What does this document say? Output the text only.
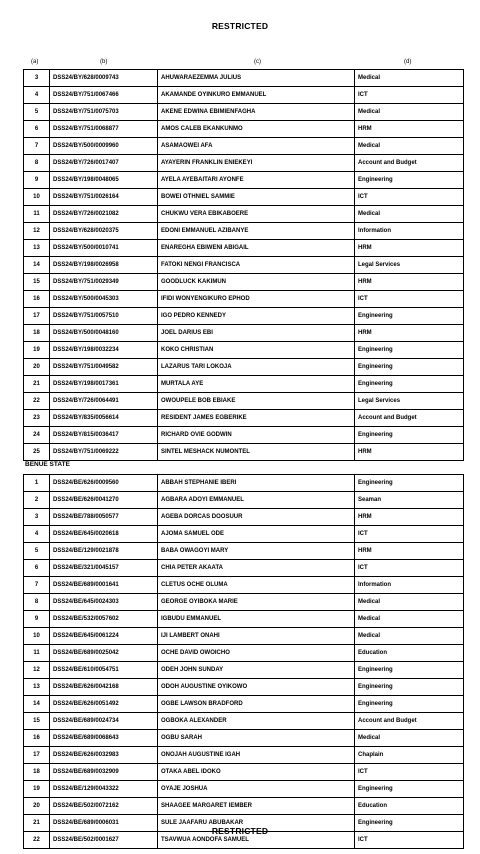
RESTRICTED
(a)	(b)	(c)	(d)
3	DSS24/BY/628/0009743	AHUWARAEZEMMA JULIUS	Medical
4	DSS24/BY/751/0067466	AKAMANDE OYINKURO EMMANUEL	ICT
5	DSS24/BY/751/0075703	AKENE EDWINA EBIMIENFAGHA	Medical
6	DSS24/BY/751/0068877	AMOS CALEB EKANKUNMO	HRM
7	DSS24/BY/500/0009960	ASAMAOWEI AFA	Medical
8	DSS24/BY/726/0017407	AYAYERIN FRANKLIN ENIEKEYI	Account and Budget
9	DSS24/BY/198/0048065	AYELA AYEBAITARI AYONFE	Engineering
10	DSS24/BY/751/0026164	BOWEI OTHNIEL SAMMIE	ICT
11	DSS24/BY/726/0021082	CHUKWU VERA EBIKABOERE	Medical
12	DSS24/BY/628/0020375	EDONI EMMANUEL AZIBANYE	Information
13	DSS24/BY/500/0010741	ENAREGHA EBIWENI ABIGAIL	HRM
14	DSS24/BY/198/0026958	FATOKI NENGI FRANCISCA	Legal Services
15	DSS24/BY/751/0029349	GOODLUCK KAKIMUN	HRM
16	DSS24/BY/500/0045303	IFIDI WONYENGIKURO EPHOD	ICT
17	DSS24/BY/751/0057510	IGO PEDRO KENNEDY	Engineering
18	DSS24/BY/500/0048160	JOEL DARIUS EBI	HRM
19	DSS24/BY/198/0032234	KOKO CHRISTIAN	Engineering
20	DSS24/BY/751/0049582	LAZARUS TARI LOKOJA	Engineering
21	DSS24/BY/198/0017361	MURTALA AYE	Engineering
22	DSS24/BY/726/0064491	OWOUPELE BOB EBIAKE	Legal Services
23	DSS24/BY/835/0056614	RESIDENT JAMES EGBERIKE	Account and Budget
24	DSS24/BY/815/0036417	RICHARD OVIE GODWIN	Engineering
25	DSS24/BY/751/0069222	SINTEL MESHACK NUMONTEL	HRM
BENUE STATE
1	DSS24/BE/626/0009560	ABBAH STEPHANIE IBERI	Engineering
2	DSS24/BE/626/0041270	AGBARA ADOYI EMMANUEL	Seaman
3	DSS24/BE/788/0050577	AGEBA DORCAS DOOSUUR	HRM
4	DSS24/BE/645/0020618	AJOMA SAMUEL ODE	ICT
5	DSS24/BE/129/0021878	BABA OWAGOYI MARY	HRM
6	DSS24/BE/321/0045157	CHIA PETER AKAATA	ICT
7	DSS24/BE/689/0001641	CLETUS OCHE OLUMA	Information
8	DSS24/BE/645/0024303	GEORGE OYIBOKA MARIE	Medical
9	DSS24/BE/532/0057602	IGBUDU EMMANUEL	Medical
10	DSS24/BE/645/0061224	IJI LAMBERT ONAHI	Medical
11	DSS24/BE/689/0025042	OCHE DAVID OWOICHO	Education
12	DSS24/BE/610/0054751	ODEH JOHN SUNDAY	Engineering
13	DSS24/BE/626/0042168	ODOH AUGUSTINE OYIKOWO	Engineering
14	DSS24/BE/626/0051492	OGBE LAWSON BRADFORD	Engineering
15	DSS24/BE/689/0024734	OGBOKA ALEXANDER	Account and Budget
16	DSS24/BE/689/0068643	OGBU SARAH	Medical
17	DSS24/BE/626/0032983	ONOJAH AUGUSTINE IGAH	Chaplain
18	DSS24/BE/689/0032909	OTAKA ABEL IDOKO	ICT
19	DSS24/BE/129/0043322	OYAJE JOSHUA	Engineering
20	DSS24/BE/502/0072162	SHAAGEE MARGARET IEMBER	Education
21	DSS24/BE/689/0006031	SULE JAAFARU ABUBAKAR	Engineering
22	DSS24/BE/502/0001627	TSAVWUA AONDOFA SAMUEL	ICT
RESTRICTED
